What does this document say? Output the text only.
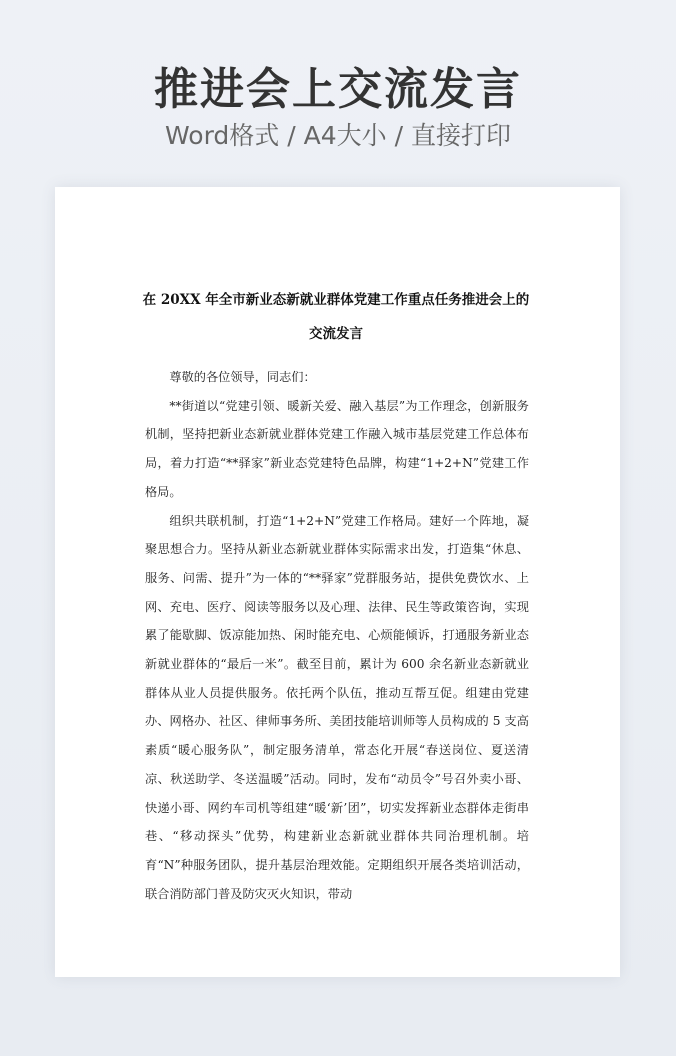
推进会上交流发言
Word格式 / A4大小 / 直接打印
在 20XX 年全市新业态新就业群体党建工作重点任务推进会上的交流发言

尊敬的各位领导，同志们：

**街道以“党建引领、暖新关爱、融入基层”为工作理念，创新服务机制，坚持把新业态新就业群体党建工作融入城市基层党建工作总体布局，着力打造“**驿家”新业态党建特色品牌，构建“1+2+N”党建工作格局。

组织共联机制，打造“1+2+N”党建工作格局。建好一个阵地，凝聚思想合力。坚持从新业态新就业群体实际需求出发，打造集“休息、服务、问需、提升”为一体的“**驿家”党群服务站，提供免费饮水、上网、充电、医疗、阅读等服务以及心理、法律、民生等政策咨询，实现累了能歇脚、饭凉能加热、闲时能充电、心烦能倾诉，打通服务新业态新就业群体的“最后一米”。截至目前，累计为 600 余名新业态新就业群体从业人员提供服务。依托两个队伍，推动互帮互促。组建由党建办、网格办、社区、律师事务所、美团技能培训师等人员构成的 5 支高素质“暖心服务队”，制定服务清单，常态化开展“春送岗位、夏送清凉、秋送助学、冬送温暖”活动。同时，发布“动员令”号召外卖小哥、快递小哥、网约车司机等组建“暖‘新’团”，切实发挥新业态群体走街串巷、“移动探头”优势，构建新业态新就业群体共同治理机制。培育“N”种服务团队，提升基层治理效能。定期组织开展各类培训活动，联合消防部门普及防灾灭火知识，带动
